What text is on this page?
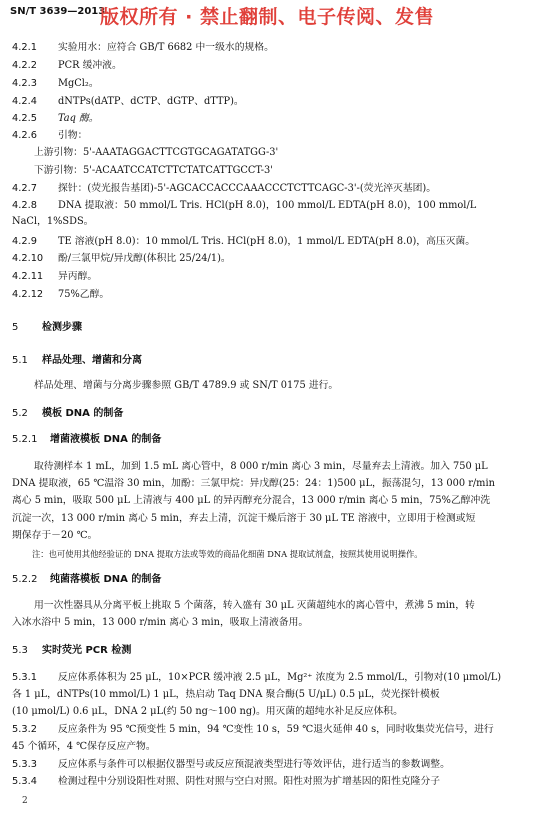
SN/T 3639—2013
版权所有 · 禁止翻制、电子传阅、发售
4.2.1 实验用水：应符合 GB/T 6682 中一级水的规格。
4.2.2 PCR 缓冲液。
4.2.3 MgCl₂。
4.2.4 dNTPs(dATP、dCTP、dGTP、dTTP)。
4.2.5 Taq 酶。
4.2.6 引物：
上游引物：5'-AAATAGGACTTCGTGCAGATATGG-3'
下游引物：5'-ACAATCCATCTTCTATCATTGCCT-3'
4.2.7 探针：(荧光报告基团)-5'-AGCACCACCCAAACCCTCTTCAGC-3'-(荧光淬灭基团)。
4.2.8 DNA 提取液：50 mmol/L Tris. HCl(pH 8.0)，100 mmol/L EDTA(pH 8.0)，100 mmol/L
NaCl，1%SDS。
4.2.9 TE 溶液(pH 8.0)：10 mmol/L Tris. HCl(pH 8.0)，1 mmol/L EDTA(pH 8.0)，高压灭菌。
4.2.10 酚/三氯甲烷/异戊醇(体积比 25/24/1)。
4.2.11 异丙醇。
4.2.12 75%乙醇。
5 检测步骤
5.1 样品处理、增菌和分离
样品处理、增菌与分离步骤参照 GB/T 4789.9 或 SN/T 0175 进行。
5.2 模板 DNA 的制备
5.2.1 增菌液模板 DNA 的制备
取待测样本 1 mL，加到 1.5 mL 离心管中，8 000 r/min 离心 3 min，尽量弃去上清液。加入 750 μL
DNA 提取液，65 ℃温浴 30 min，加酚：三氯甲烷：异戊醇(25：24：1)500 μL，振荡混匀，13 000 r/min
离心 5 min，吸取 500 μL 上清液与 400 μL 的异丙醇充分混合，13 000 r/min 离心 5 min，75%乙醇冲洗
沉淀一次，13 000 r/min 离心 5 min，弃去上清，沉淀干燥后溶于 30 μL TE 溶液中，立即用于检测或短
期保存于－20 ℃。
注：也可使用其他经验证的 DNA 提取方法或等效的商品化细菌 DNA 提取试剂盒，按照其使用说明操作。
5.2.2 纯菌落模板 DNA 的制备
用一次性器具从分离平板上挑取 5 个菌落，转入盛有 30 μL 灭菌超纯水的离心管中，煮沸 5 min，转
入冰水浴中 5 min，13 000 r/min 离心 3 min，吸取上清液备用。
5.3 实时荧光 PCR 检测
5.3.1 反应体系体积为 25 μL，10×PCR 缓冲液 2.5 μL，Mg²⁺ 浓度为 2.5 mmol/L，引物对(10 μmol/L)
各 1 μL，dNTPs(10 mmol/L) 1 μL，热启动 Taq DNA 聚合酶(5 U/μL) 0.5 μL，荧光探针模板
(10 μmol/L) 0.6 μL，DNA 2 μL(约 50 ng～100 ng)。用灭菌的超纯水补足反应体积。
5.3.2 反应条件为 95 ℃预变性 5 min，94 ℃变性 10 s，59 ℃退火延伸 40 s，同时收集荧光信号，进行
45 个循环，4 ℃保存反应产物。
5.3.3 反应体系与条件可以根据仪器型号或反应预混液类型进行等效评估，进行适当的参数调整。
5.3.4 检测过程中分别设阳性对照、阴性对照与空白对照。阳性对照为扩增基因的阳性克隆分子
2
